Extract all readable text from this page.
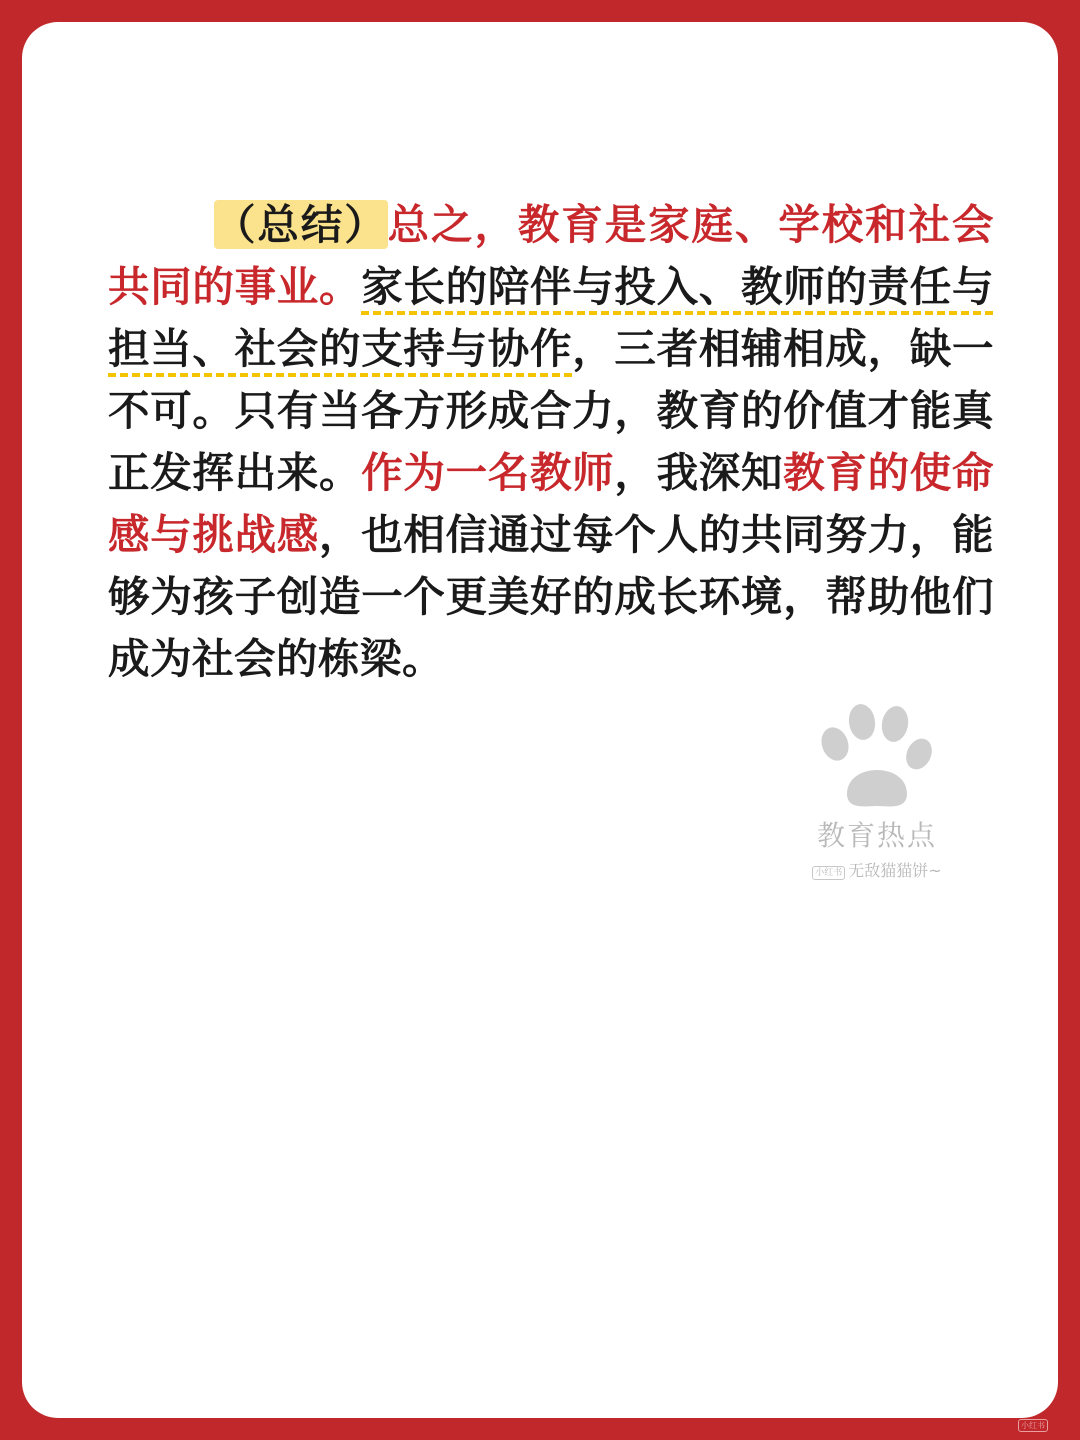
（总结）总之，教育是家庭、学校和社会共同的事业。家长的陪伴与投入、教师的责任与担当、社会的支持与协作，三者相辅相成，缺一不可。只有当各方形成合力，教育的价值才能真正发挥出来。作为一名教师，我深知教育的使命感与挑战感，也相信通过每个人的共同努力，能够为孩子创造一个更美好的成长环境，帮助他们成为社会的栋梁。

教育热点
小红书 无敌猫猫饼~
小红书
